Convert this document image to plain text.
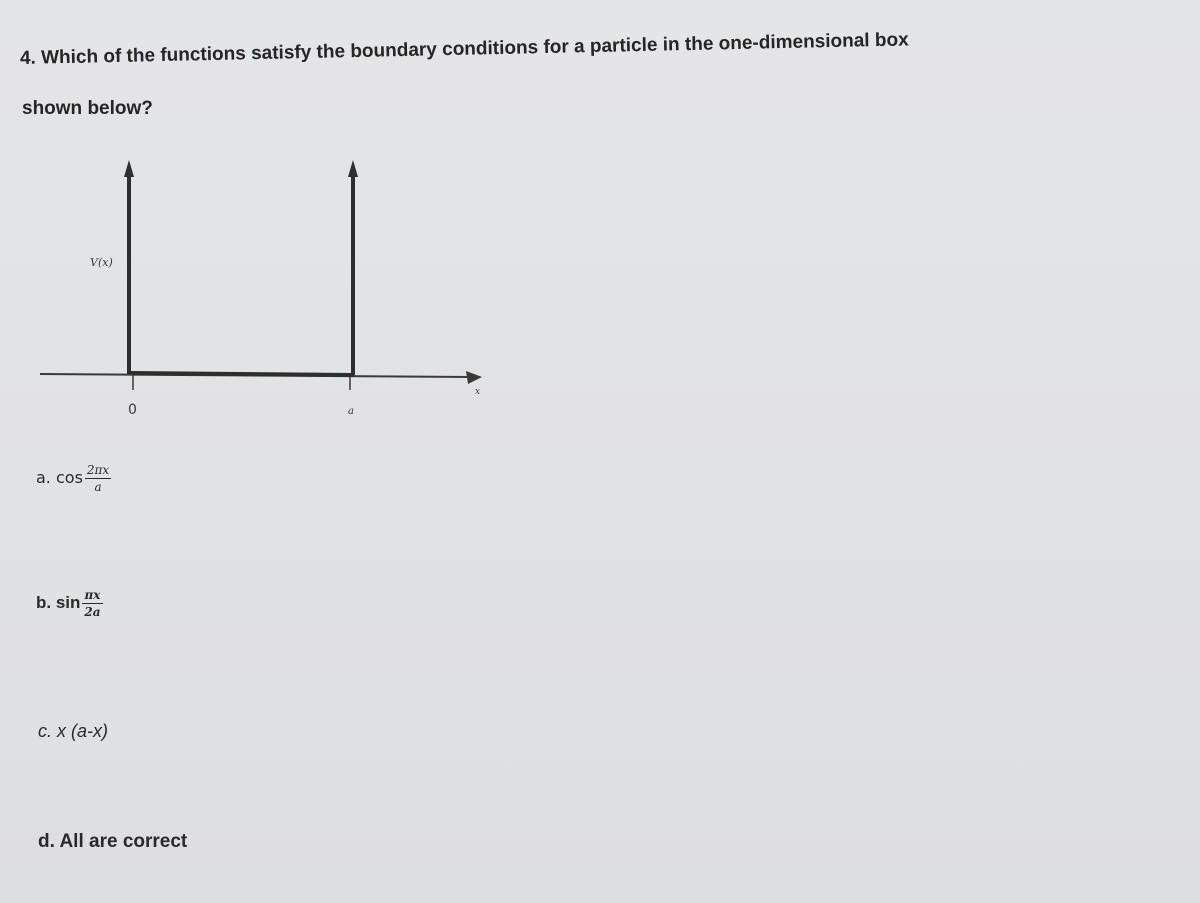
4. Which of the functions satisfy the boundary conditions for a particle in the one-dimensional box
shown below?
V(x)
0	a
x
a. $\cos \frac{2\pi x}{a}$
b. $\sin \frac{\pi x}{2a}$
c. x (a-x)
d. All are correct
